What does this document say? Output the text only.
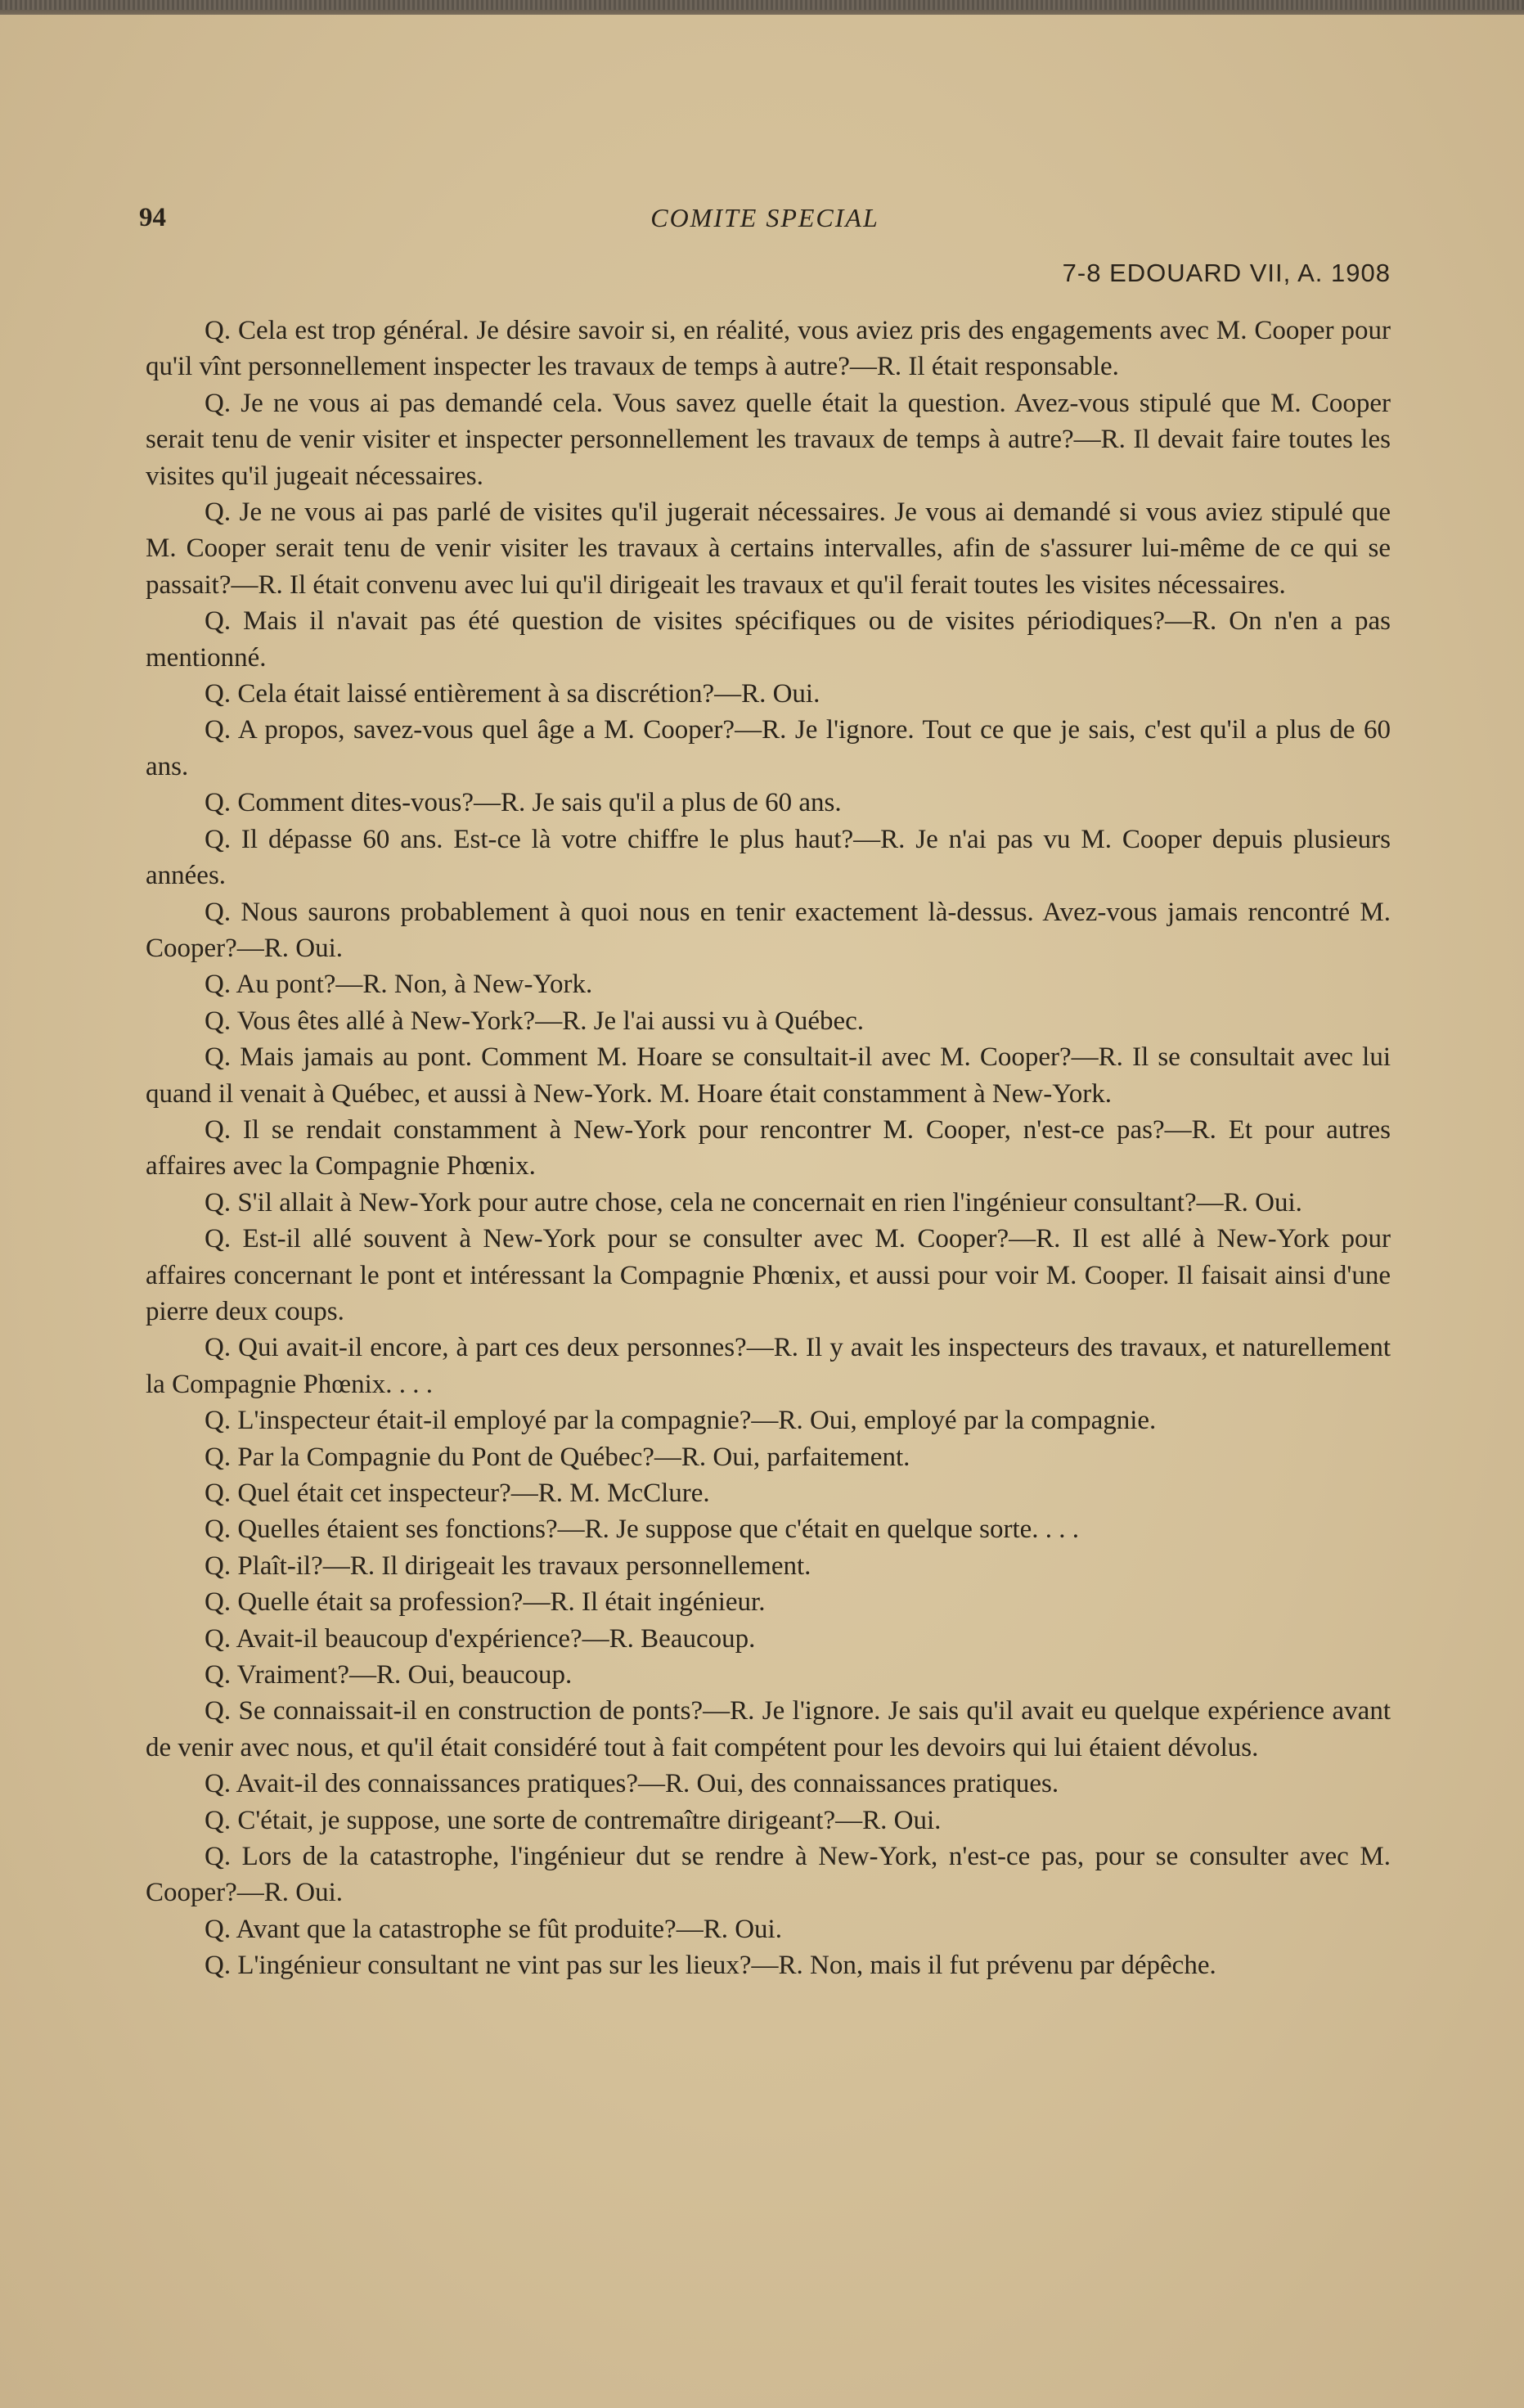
94	COMITE SPECIAL
7-8 EDOUARD VII, A. 1908

Q. Cela est trop général. Je désire savoir si, en réalité, vous aviez pris des engagements avec M. Cooper pour qu'il vînt personnellement inspecter les travaux de temps à autre?—R. Il était responsable.

Q. Je ne vous ai pas demandé cela. Vous savez quelle était la question. Avez-vous stipulé que M. Cooper serait tenu de venir visiter et inspecter personnellement les travaux de temps à autre?—R. Il devait faire toutes les visites qu'il jugeait nécessaires.

Q. Je ne vous ai pas parlé de visites qu'il jugerait nécessaires. Je vous ai demandé si vous aviez stipulé que M. Cooper serait tenu de venir visiter les travaux à certains intervalles, afin de s'assurer lui-même de ce qui se passait?—R. Il était convenu avec lui qu'il dirigeait les travaux et qu'il ferait toutes les visites nécessaires.

Q. Mais il n'avait pas été question de visites spécifiques ou de visites périodiques?—R. On n'en a pas mentionné.

Q. Cela était laissé entièrement à sa discrétion?—R. Oui.

Q. A propos, savez-vous quel âge a M. Cooper?—R. Je l'ignore. Tout ce que je sais, c'est qu'il a plus de 60 ans.

Q. Comment dites-vous?—R. Je sais qu'il a plus de 60 ans.

Q. Il dépasse 60 ans. Est-ce là votre chiffre le plus haut?—R. Je n'ai pas vu M. Cooper depuis plusieurs années.

Q. Nous saurons probablement à quoi nous en tenir exactement là-dessus. Avez-vous jamais rencontré M. Cooper?—R. Oui.

Q. Au pont?—R. Non, à New-York.

Q. Vous êtes allé à New-York?—R. Je l'ai aussi vu à Québec.

Q. Mais jamais au pont. Comment M. Hoare se consultait-il avec M. Cooper?—R. Il se consultait avec lui quand il venait à Québec, et aussi à New-York. M. Hoare était constamment à New-York.

Q. Il se rendait constamment à New-York pour rencontrer M. Cooper, n'est-ce pas?—R. Et pour autres affaires avec la Compagnie Phœnix.

Q. S'il allait à New-York pour autre chose, cela ne concernait en rien l'ingénieur consultant?—R. Oui.

Q. Est-il allé souvent à New-York pour se consulter avec M. Cooper?—R. Il est allé à New-York pour affaires concernant le pont et intéressant la Compagnie Phœnix, et aussi pour voir M. Cooper. Il faisait ainsi d'une pierre deux coups.

Q. Qui avait-il encore, à part ces deux personnes?—R. Il y avait les inspecteurs des travaux, et naturellement la Compagnie Phœnix. . . .

Q. L'inspecteur était-il employé par la compagnie?—R. Oui, employé par la compagnie.

Q. Par la Compagnie du Pont de Québec?—R. Oui, parfaitement.

Q. Quel était cet inspecteur?—R. M. McClure.

Q. Quelles étaient ses fonctions?—R. Je suppose que c'était en quelque sorte. . . .

Q. Plaît-il?—R. Il dirigeait les travaux personnellement.

Q. Quelle était sa profession?—R. Il était ingénieur.

Q. Avait-il beaucoup d'expérience?—R. Beaucoup.

Q. Vraiment?—R. Oui, beaucoup.

Q. Se connaissait-il en construction de ponts?—R. Je l'ignore. Je sais qu'il avait eu quelque expérience avant de venir avec nous, et qu'il était considéré tout à fait compétent pour les devoirs qui lui étaient dévolus.

Q. Avait-il des connaissances pratiques?—R. Oui, des connaissances pratiques.

Q. C'était, je suppose, une sorte de contremaître dirigeant?—R. Oui.

Q. Lors de la catastrophe, l'ingénieur dut se rendre à New-York, n'est-ce pas, pour se consulter avec M. Cooper?—R. Oui.

Q. Avant que la catastrophe se fût produite?—R. Oui.

Q. L'ingénieur consultant ne vint pas sur les lieux?—R. Non, mais il fut prévenu par dépêche.
